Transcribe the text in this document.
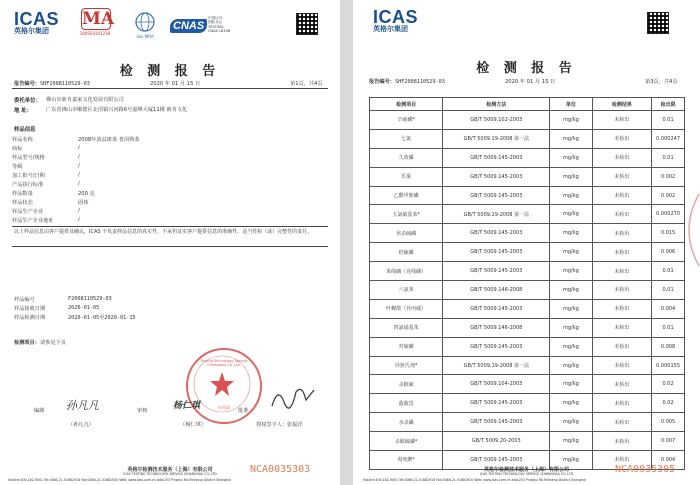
ICAS
英格尔集团
MA
180920341238
ilac-MRA
CNAS
中国认可
国际互认
TESTING
CNAS L8198
检 测 报 告
报告编号：SHF2008110529-03	2020 年 01 月 15 日	第1页，共4页
委托单位： 佛山市新肯嘉家文化发展有限公司
地 址：	广东省佛山市顺德区北滘镇兴河路6号嘉峰大厦11楼 新肯文化
样品信息
样品名称	2008年滇益斑茶 普洱熟茶
商标	/
样品型号/规格	/
等级	/
加工批号/日期	/
产品执行标准	/
样品数量	200 克
样品状态	固体
样品生产企业	/
样品生产企业地址	/
以上样品信息由客户提供及确认，ICAS 不负责样品信息的真实性，不承担证实客户提供信息的准确性、适当性和（或）完整性的责任。
样品编号	F2008110529-03
样品接收日期	2020-01-05
样品检测日期	2020-01-05至2020-01-15
检测项目：请参见下页
Testing Technology Service (Shanghai) Co.,Ltd.
专用章
孙凡凡
编制
（孙凡凡）
审核	杨仁琪
（杨仁琪）
批准
授权签字人：张振洋
英格尔检测技术服务（上海）有限公司
ICAS TESTING TECHNOLOGY SERVICE (SHANGHAI) CO.,LTD	NCA0035303
Hotline:400-182-9001 Tel:0086-21-51682918 Fax:0086-21-51682920 Web: www.icas.com.cn Add:253 Pingdui Rd.Minhang District Shanghai
ICAS
英格尔集团
检 测 报 告
报告编号：SHF2008110529-03	2020 年 01 月 15 日	第3页，共4页
检测项目	检测方法	单位	检测结果	检出限
辛硫磷*	GB/T 5009.102-2003	mg/kg	未检出	0.01
七氯	GB/T 5009.19-2008 第一法	mg/kg	未检出	0.000247
久效磷	GB/T 5009.145-2003	mg/kg	未检出	0.01
乐果	GB/T 5009.145-2003	mg/kg	未检出	0.002
乙酰甲胺磷	GB/T 5009.145-2003	mg/kg	未检出	0.002
五氯硝基苯*	GB/T 5009.19-2008 第一法	mg/kg	未检出	0.000270
伏杀硫磷	GB/T 5009.145-2003	mg/kg	未检出	0.015
倍硫磷	GB/T 5009.145-2003	mg/kg	未检出	0.006
苯线磷（克线磷）	GB/T 5009.145-2003	mg/kg	未检出	0.01
六氯苯	GB/T 5009.146-2008	mg/kg	未检出	0.01
叶蝉散（异丙威）	GB/T 5009.145-2003	mg/kg	未检出	0.004
四氯硝基苯	GB/T 5009.146-2008	mg/kg	未检出	0.01
对硫磷	GB/T 5009.145-2003	mg/kg	未检出	0.008
异狄氏剂*	GB/T 5009.19-2008 第一法	mg/kg	未检出	0.000155
杀螟硫	GB/T 5009.104-2003	mg/kg	未检出	0.02
敌敌畏	GB/T 5009.145-2003	mg/kg	未检出	0.02
水杀磷	GB/T 5009.145-2003	mg/kg	未检出	0.005
杀螟硫磷*	GB/T 5009.20-2003	mg/kg	未检出	0.007
毒死蜱*	GB/T 5009.145-2003	mg/kg	未检出	0.004
英格尔检测技术服务（上海）有限公司
ICAS TESTING TECHNOLOGY SERVICE (SHANGHAI) CO.,LTD	NCA0035305
Hotline:400-182-9001 Tel:0086-21-51682918 Fax:0086-21-51682920 Web: www.icas.com.cn Add:253 Pingdui Rd.Minhang District Shanghai
